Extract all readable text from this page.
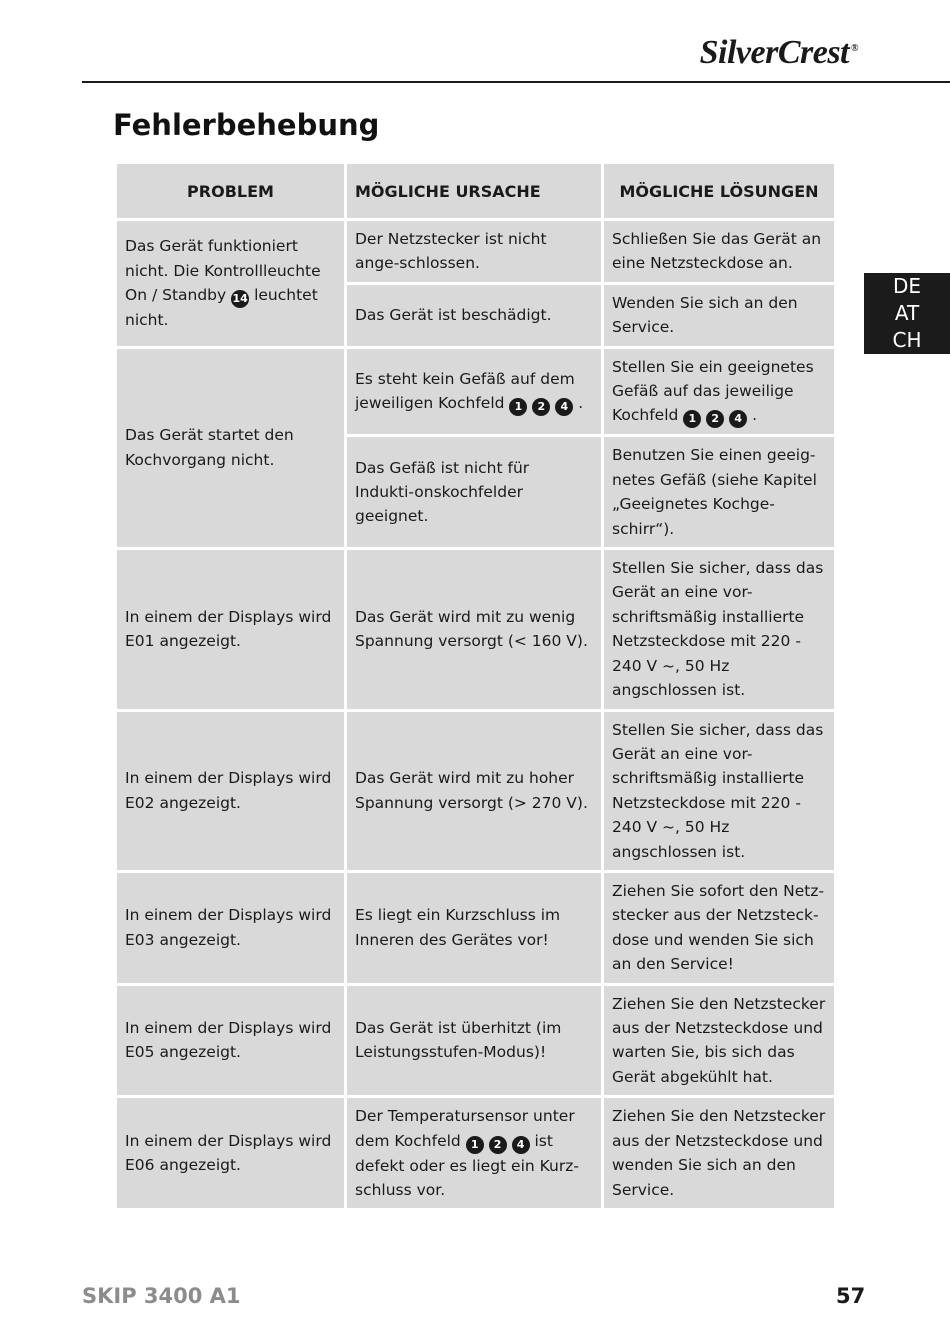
SilverCrest ®
Fehlerbehebung
DE
AT
CH
PROBLEM	MÖGLICHE URSACHE	MÖGLICHE LÖSUNGEN
Das Gerät funktioniert nicht. Die Kontrollleuchte On / Standby 14 leuchtet nicht.	Der Netzstecker ist nicht ange-schlossen.	Schließen Sie das Gerät an eine Netzsteckdose an.
	Das Gerät ist beschädigt.	Wenden Sie sich an den Service.
Das Gerät startet den Kochvorgang nicht.	Es steht kein Gefäß auf dem jeweiligen Kochfeld 1 2 4 .	Stellen Sie ein geeignetes Gefäß auf das jeweilige Kochfeld 1 2 4 .
	Das Gefäß ist nicht für Indukti-onskochfelder geeignet.	Benutzen Sie einen geeig-netes Gefäß (siehe Kapitel „Geeignetes Kochge-schirr“).
In einem der Displays wird E01 angezeigt.	Das Gerät wird mit zu wenig Spannung versorgt (< 160 V).	Stellen Sie sicher, dass das Gerät an eine vor-schriftsmäßig installierte Netzsteckdose mit 220 - 240 V ~, 50 Hz angschlossen ist.
In einem der Displays wird E02 angezeigt.	Das Gerät wird mit zu hoher Spannung versorgt (> 270 V).	Stellen Sie sicher, dass das Gerät an eine vor-schriftsmäßig installierte Netzsteckdose mit 220 - 240 V ~, 50 Hz angschlossen ist.
In einem der Displays wird E03 angezeigt.	Es liegt ein Kurzschluss im Inneren des Gerätes vor!	Ziehen Sie sofort den Netz-stecker aus der Netzsteck-dose und wenden Sie sich an den Service!
In einem der Displays wird E05 angezeigt.	Das Gerät ist überhitzt (im Leistungsstufen-Modus)!	Ziehen Sie den Netzstecker aus der Netzsteckdose und warten Sie, bis sich das Gerät abgekühlt hat.
In einem der Displays wird E06 angezeigt.	Der Temperatursensor unter dem Kochfeld 1 2 4 ist defekt oder es liegt ein Kurz-schluss vor.	Ziehen Sie den Netzstecker aus der Netzsteckdose und wenden Sie sich an den Service.
SKIP 3400 A1	57
